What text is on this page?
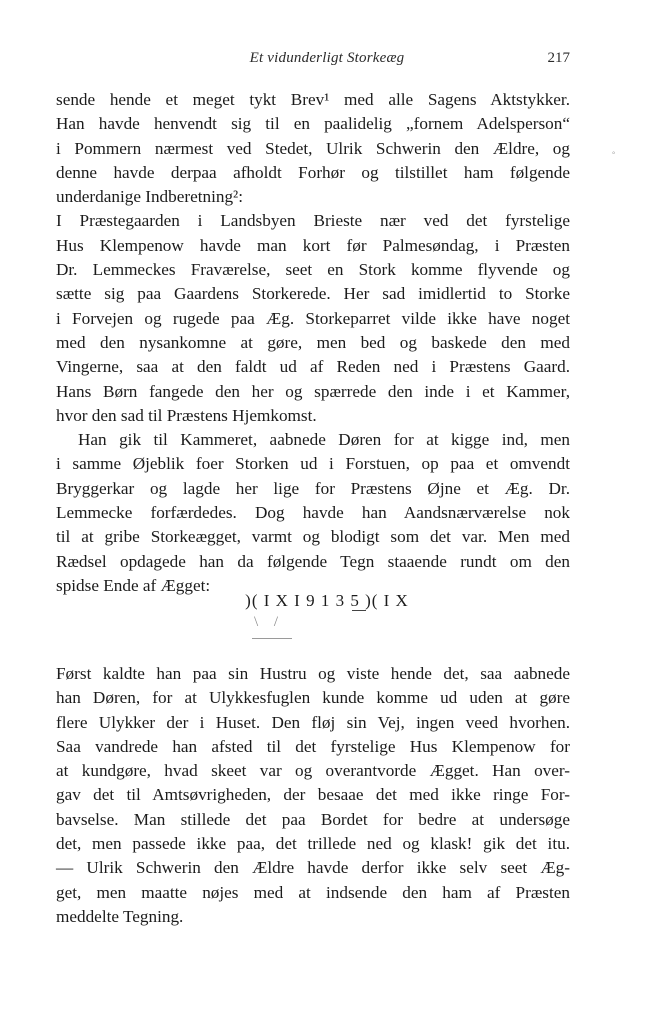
Et vidunderligt Storkeæg	217
°
sende hende et meget tykt Brev¹ med alle Sagens Aktstykker.
Han havde henvendt sig til en paalidelig „fornem Adelsperson“
i Pommern nærmest ved Stedet, Ulrik Schwerin den Ældre, og
denne havde derpaa afholdt Forhør og tilstillet ham følgende
underdanige Indberetning²:
I Præstegaarden i Landsbyen Brieste nær ved det fyrstelige
Hus Klempenow havde man kort før Palmesøndag, i Præsten
Dr. Lemmeckes Fraværelse, seet en Stork komme flyvende og
sætte sig paa Gaardens Storkerede. Her sad imidlertid to Storke
i Forvejen og rugede paa Æg. Storkeparret vilde ikke have noget
med den nysankomne at gøre, men bed og baskede den med
Vingerne, saa at den faldt ud af Reden ned i Præstens Gaard.
Hans Børn fangede den her og spærrede den inde i et Kammer,
hvor den sad til Præstens Hjemkomst.
Han gik til Kammeret, aabnede Døren for at kigge ind, men
i samme Øjeblik foer Storken ud i Forstuen, op paa et omvendt
Bryggerkar og lagde her lige for Præstens Øjne et Æg. Dr.
Lemmecke forfærdedes. Dog havde han Aandsnærværelse nok
til at gribe Storkeægget, varmt og blodigt som det var. Men med
Rædsel opdagede han da følgende Tegn staaende rundt om den
spidse Ende af Ægget:
)( I X I 9 1 3 5 )( I X
\ /
Først kaldte han paa sin Hustru og viste hende det, saa aabnede
han Døren, for at Ulykkesfuglen kunde komme ud uden at gøre
flere Ulykker der i Huset. Den fløj sin Vej, ingen veed hvorhen.
Saa vandrede han afsted til det fyrstelige Hus Klempenow for
at kundgøre, hvad skeet var og overantvorde Ægget. Han over-
gav det til Amtsøvrigheden, der besaae det med ikke ringe For-
bavselse. Man stillede det paa Bordet for bedre at undersøge
det, men passede ikke paa, det trillede ned og klask! gik det itu.
— Ulrik Schwerin den Ældre havde derfor ikke selv seet Æg-
get, men maatte nøjes med at indsende den ham af Præsten
meddelte Tegning.
